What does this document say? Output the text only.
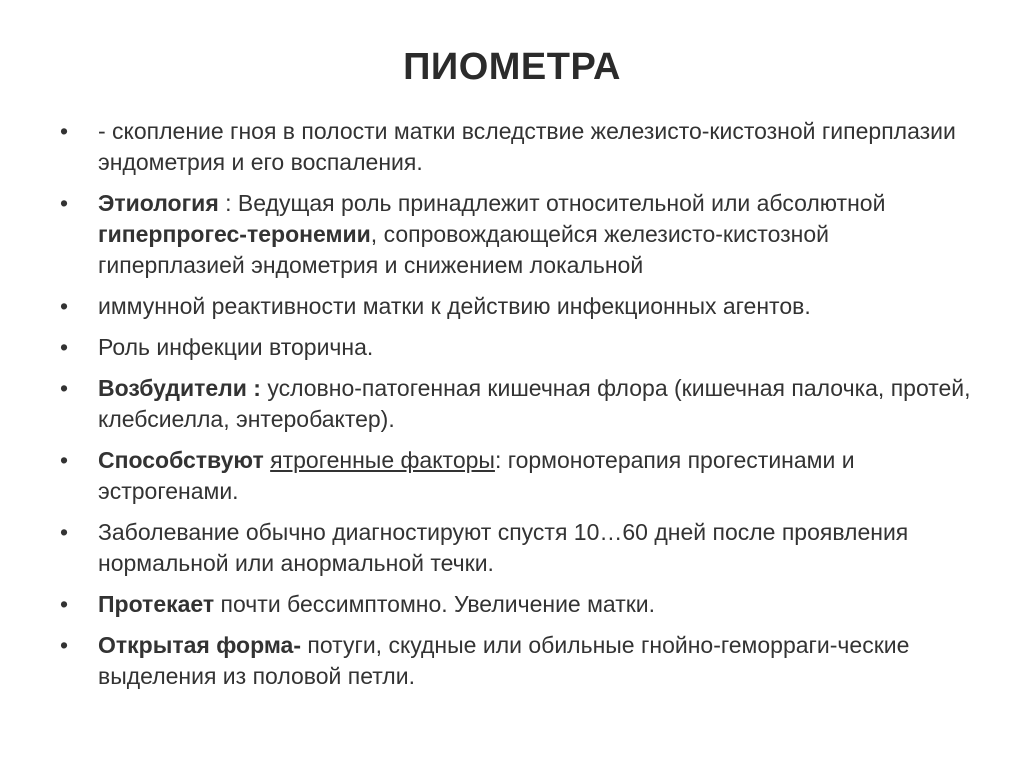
ПИОМЕТРА
•	- скопление гноя в полости матки вследствие железисто-кистозной гиперплазии эндометрия и его воспаления.
•	Этиология : Ведущая роль принадлежит относительной или абсолютной гиперпрогес-теронемии, сопровождающейся железисто-кистозной гиперплазией эндометрия и снижением локальной
•	иммунной реактивности матки к действию инфекционных агентов.
•	Роль инфекции вторична.
•	Возбудители : условно-патогенная кишечная флора (кишечная палочка, протей, клебсиелла, энтеробактер).
•	Способствуют ятрогенные факторы: гормонотерапия прогестинами и эстрогенами.
•	Заболевание обычно диагностируют спустя 10…60 дней после проявления нормальной или анормальной течки.
•	Протекает почти бессимптомно. Увеличение матки.
•	Открытая форма- потуги, скудные или обильные гнойно-геморраги-ческие выделения из половой петли.
